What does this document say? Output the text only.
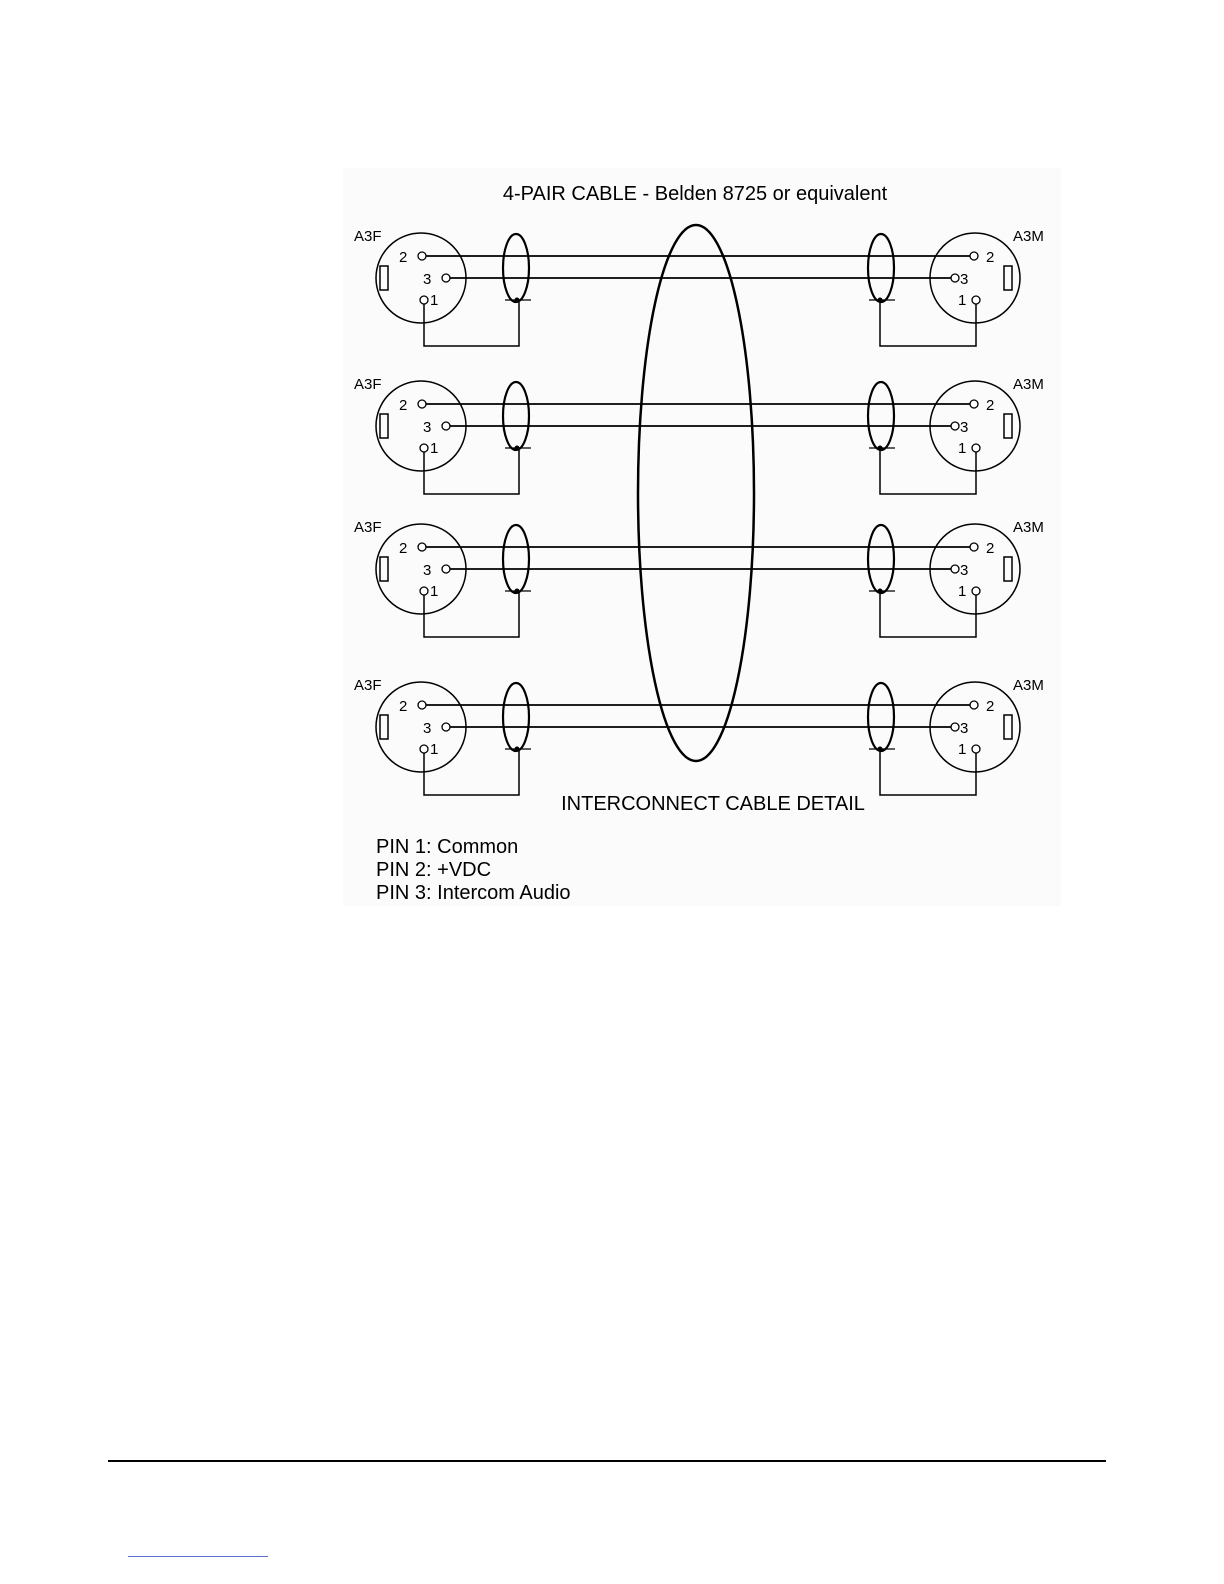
4-PAIR CABLE - Belden 8725 or equivalent
A3F
2
3
1
A3M
2
3
1
A3F
2
3
1
A3M
2
3
1
A3F
2
3
1
A3M
2
3
1
A3F
2
3
1
A3M
2
3
1
INTERCONNECT CABLE DETAIL
PIN 1: Common
PIN 2: +VDC
PIN 3: Intercom Audio
